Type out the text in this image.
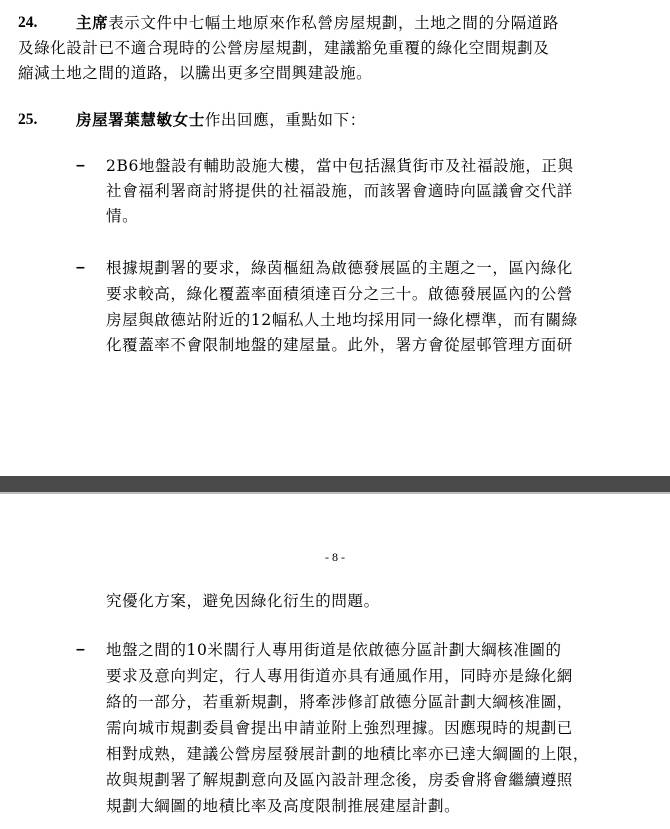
24. 主席表示文件中七幅土地原來作私營房屋規劃，土地之間的分隔道路
及綠化設計已不適合現時的公營房屋規劃，建議豁免重覆的綠化空間規劃及
縮減土地之間的道路，以騰出更多空間興建設施。
25. 房屋署葉慧敏女士作出回應，重點如下：
– 2B6地盤設有輔助設施大樓，當中包括濕貨街市及社福設施，正與
社會福利署商討將提供的社福設施，而該署會適時向區議會交代詳
情。
– 根據規劃署的要求，綠茵樞紐為啟德發展區的主題之一，區內綠化
要求較高，綠化覆蓋率面積須達百分之三十。啟德發展區內的公營
房屋與啟德站附近的12幅私人土地均採用同一綠化標準，而有關綠
化覆蓋率不會限制地盤的建屋量。此外，署方會從屋邨管理方面研
- 8 -
究優化方案，避免因綠化衍生的問題。
– 地盤之間的10米闊行人專用街道是依啟德分區計劃大綱核准圖的
要求及意向判定，行人專用街道亦具有通風作用，同時亦是綠化網
絡的一部分，若重新規劃，將牽涉修訂啟德分區計劃大綱核准圖，
需向城市規劃委員會提出申請並附上強烈理據。因應現時的規劃已
相對成熟，建議公營房屋發展計劃的地積比率亦已達大綱圖的上限，
故與規劃署了解規劃意向及區內設計理念後，房委會將會繼續遵照
規劃大綱圖的地積比率及高度限制推展建屋計劃。
